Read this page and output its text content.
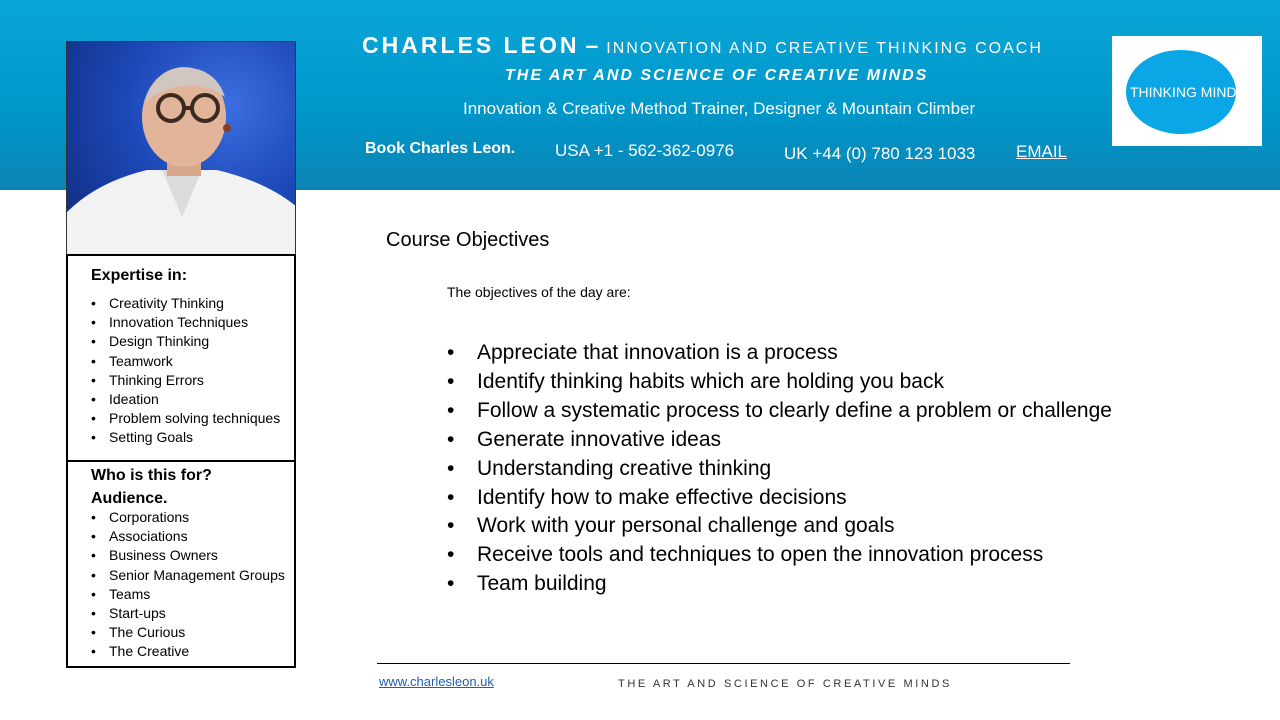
CHARLES LEON – INNOVATION AND CREATIVE THINKING COACH
THE ART AND SCIENCE OF CREATIVE MINDS
Innovation & Creative Method Trainer, Designer & Mountain Climber
Book Charles Leon. USA +1 - 562-362-0976	UK +44 (0) 780 123 1033 EMAIL
THINKING MIND
Expertise in:
• Creativity Thinking
• Innovation Techniques
• Design Thinking
• Teamwork
• Thinking Errors
• Ideation
• Problem solving techniques
• Setting Goals
Who is this for?
Audience.
• Corporations
• Associations
• Business Owners
• Senior Management Groups
• Teams
• Start-ups
• The Curious
• The Creative
Course Objectives
The objectives of the day are:
• Appreciate that innovation is a process
• Identify thinking habits which are holding you back
• Follow a systematic process to clearly define a problem or challenge
• Generate innovative ideas
• Understanding creative thinking
• Identify how to make effective decisions
• Work with your personal challenge and goals
• Receive tools and techniques to open the innovation process
• Team building
www.charlesleon.uk	THE ART AND SCIENCE OF CREATIVE MINDS
